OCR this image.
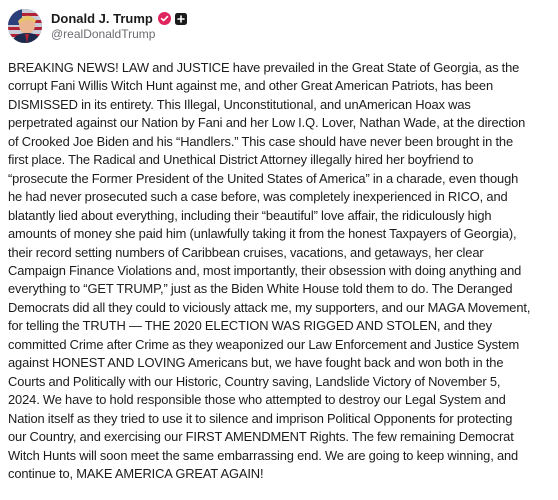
Donald J. Trump
@realDonaldTrump
BREAKING NEWS! LAW and JUSTICE have prevailed in the Great State of Georgia, as the
corrupt Fani Willis Witch Hunt against me, and other Great American Patriots, has been
DISMISSED in its entirety. This Illegal, Unconstitutional, and unAmerican Hoax was
perpetrated against our Nation by Fani and her Low I.Q. Lover, Nathan Wade, at the direction
of Crooked Joe Biden and his “Handlers.” This case should have never been brought in the
first place. The Radical and Unethical District Attorney illegally hired her boyfriend to
“prosecute the Former President of the United States of America” in a charade, even though
he had never prosecuted such a case before, was completely inexperienced in RICO, and
blatantly lied about everything, including their “beautiful” love affair, the ridiculously high
amounts of money she paid him (unlawfully taking it from the honest Taxpayers of Georgia),
their record setting numbers of Caribbean cruises, vacations, and getaways, her clear
Campaign Finance Violations and, most importantly, their obsession with doing anything and
everything to “GET TRUMP,” just as the Biden White House told them to do. The Deranged
Democrats did all they could to viciously attack me, my supporters, and our MAGA Movement,
for telling the TRUTH — THE 2020 ELECTION WAS RIGGED AND STOLEN, and they
committed Crime after Crime as they weaponized our Law Enforcement and Justice System
against HONEST AND LOVING Americans but, we have fought back and won both in the
Courts and Politically with our Historic, Country saving, Landslide Victory of November 5,
2024. We have to hold responsible those who attempted to destroy our Legal System and
Nation itself as they tried to use it to silence and imprison Political Opponents for protecting
our Country, and exercising our FIRST AMENDMENT Rights. The few remaining Democrat
Witch Hunts will soon meet the same embarrassing end. We are going to keep winning, and
continue to, MAKE AMERICA GREAT AGAIN!
